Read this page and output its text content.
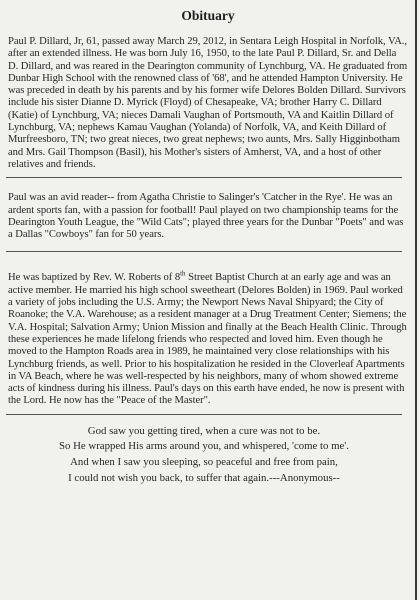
Obituary

Paul P. Dillard, Jr, 61, passed away March 29, 2012, in Sentara Leigh Hospital in Norfolk, VA., after an extended illness. He was born July 16, 1950, to the late Paul P. Dillard, Sr. and Della D. Dillard, and was reared in the Dearington community of Lynchburg, VA. He graduated from Dunbar High School with the renowned class of '68', and he attended Hampton University. He was preceded in death by his parents and by his former wife Delores Bolden Dillard. Survivors include his sister Dianne D. Myrick (Floyd) of Chesapeake, VA; brother Harry C. Dillard (Katie) of Lynchburg, VA; nieces Damali Vaughan of Portsmouth, VA and Kaitlin Dillard of Lynchburg, VA; nephews Kamau Vaughan (Yolanda) of Norfolk, VA, and Keith Dillard of Murfreesboro, TN; two great nieces, two great nephews; two aunts, Mrs. Sally Higginbotham and Mrs. Gail Thompson (Basil), his Mother's sisters of Amherst, VA, and a host of other relatives and friends.

Paul was an avid reader-- from Agatha Christie to Salinger's 'Catcher in the Rye'. He was an ardent sports fan, with a passion for football! Paul played on two championship teams for the Dearington Youth League, the "Wild Cats"; played three years for the Dunbar "Poets" and was a Dallas "Cowboys" fan for 50 years.

He was baptized by Rev. W. Roberts of 8th Street Baptist Church at an early age and was an active member. He married his high school sweetheart (Delores Bolden) in 1969. Paul worked a variety of jobs including the U.S. Army; the Newport News Naval Shipyard; the City of Roanoke; the V.A. Warehouse; as a resident manager at a Drug Treatment Center; Siemens; the V.A. Hospital; Salvation Army; Union Mission and finally at the Beach Health Clinic. Through these experiences he made lifelong friends who respected and loved him. Even though he moved to the Hampton Roads area in 1989, he maintained very close relationships with his Lynchburg friends, as well. Prior to his hospitalization he resided in the Cloverleaf Apartments in VA Beach, where he was well-respected by his neighbors, many of whom showed extreme acts of kindness during his illness. Paul's days on this earth have ended, he now is present with the Lord. He now has the "Peace of the Master".

God saw you getting tired, when a cure was not to be.
So He wrapped His arms around you, and whispered, 'come to me'.
And when I saw you sleeping, so peaceful and free from pain,
I could not wish you back, to suffer that again.---Anonymous--
